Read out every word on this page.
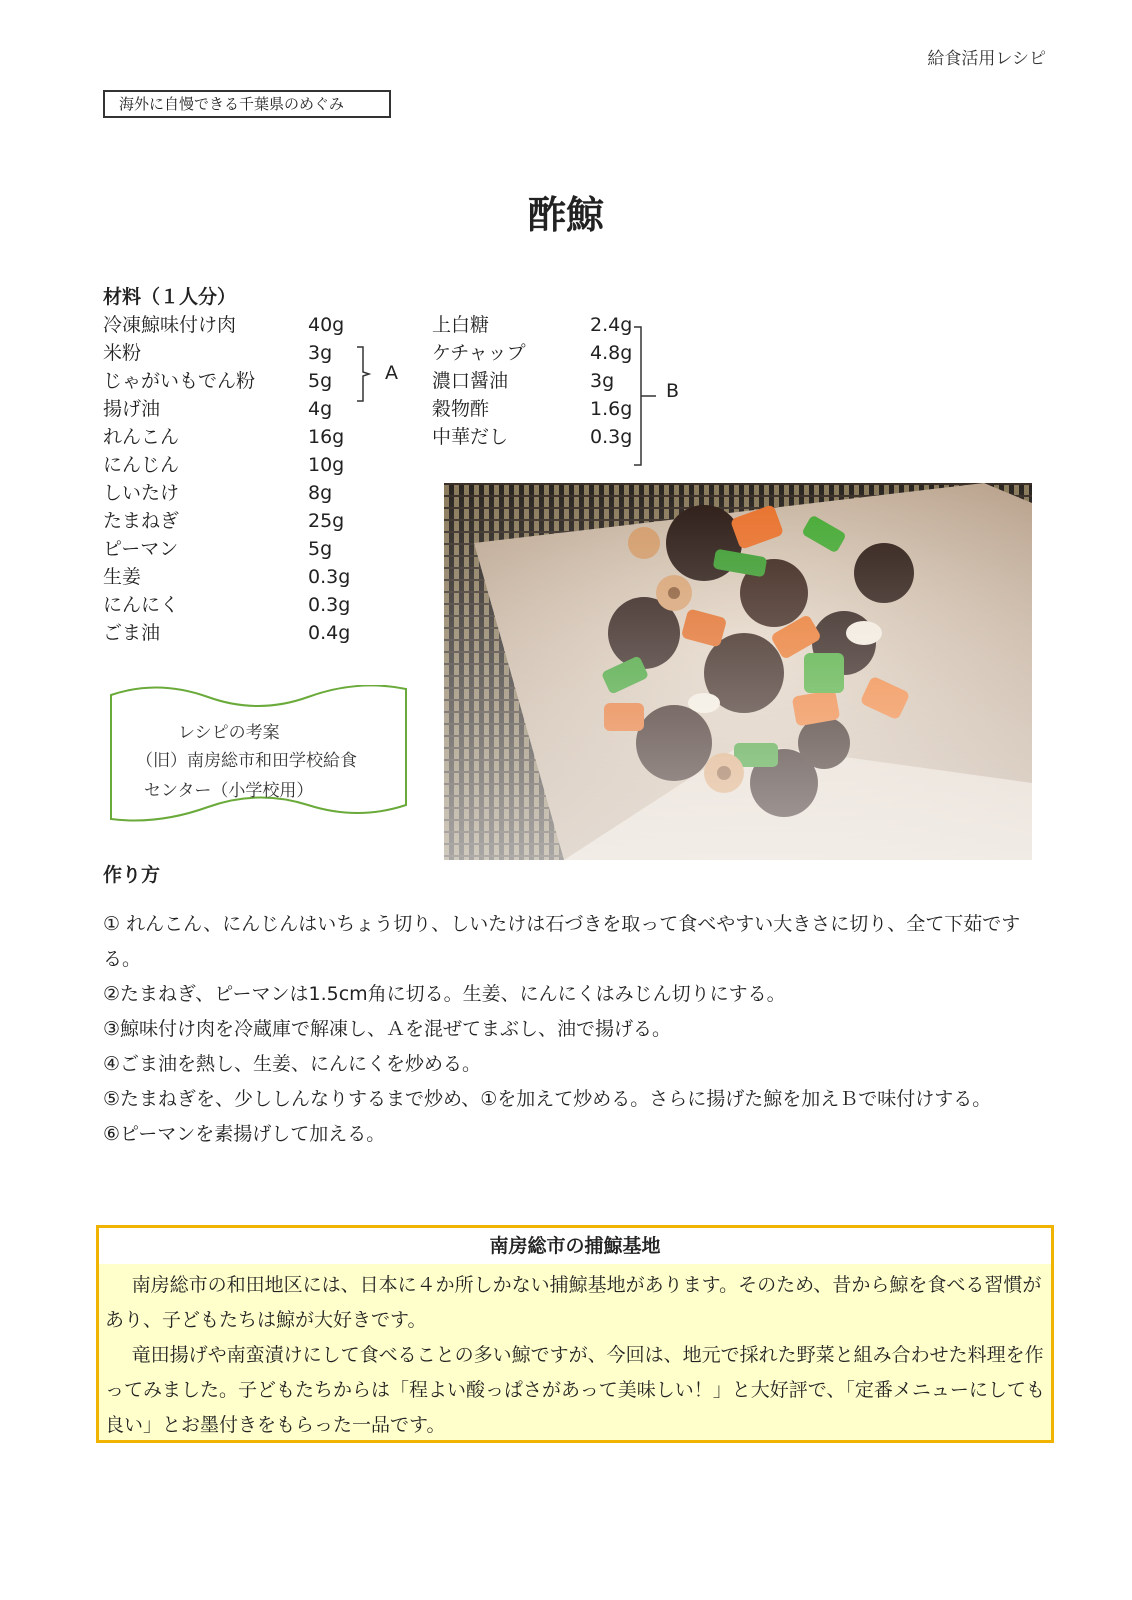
給食活用レシピ
海外に自慢できる千葉県のめぐみ
酢鯨
材料（１人分）
冷凍鯨味付け肉	40g
米粉	3g
じゃがいもでん粉	5g
揚げ油	4g
れんこん	16g
にんじん	10g
しいたけ	8g
たまねぎ	25g
ピーマン	5g
生姜	0.3g
にんにく	0.3g
ごま油	0.4g
A
上白糖	2.4g
ケチャップ	4.8g
濃口醤油	3g
穀物酢	1.6g
中華だし	0.3g
B
レシピの考案
（旧）南房総市和田学校給食
センター（小学校用）
作り方

① れんこん、にんじんはいちょう切り、しいたけは石づきを取って食べやすい大きさに切り、全て下茹でする。

②たまねぎ、ピーマンは1.5cm角に切る。生姜、にんにくはみじん切りにする。

③鯨味付け肉を冷蔵庫で解凍し、Ａを混ぜてまぶし、油で揚げる。

④ごま油を熱し、生姜、にんにくを炒める。

⑤たまねぎを、少ししんなりするまで炒め、①を加えて炒める。さらに揚げた鯨を加えＢで味付けする。

⑥ピーマンを素揚げして加える。

南房総市の捕鯨基地

南房総市の和田地区には、日本に４か所しかない捕鯨基地があります。そのため、昔から鯨を食べる習慣があり、子どもたちは鯨が大好きです。

竜田揚げや南蛮漬けにして食べることの多い鯨ですが、今回は、地元で採れた野菜と組み合わせた料理を作ってみました。子どもたちからは「程よい酸っぱさがあって美味しい！」と大好評で、「定番メニューにしても良い」とお墨付きをもらった一品です。
